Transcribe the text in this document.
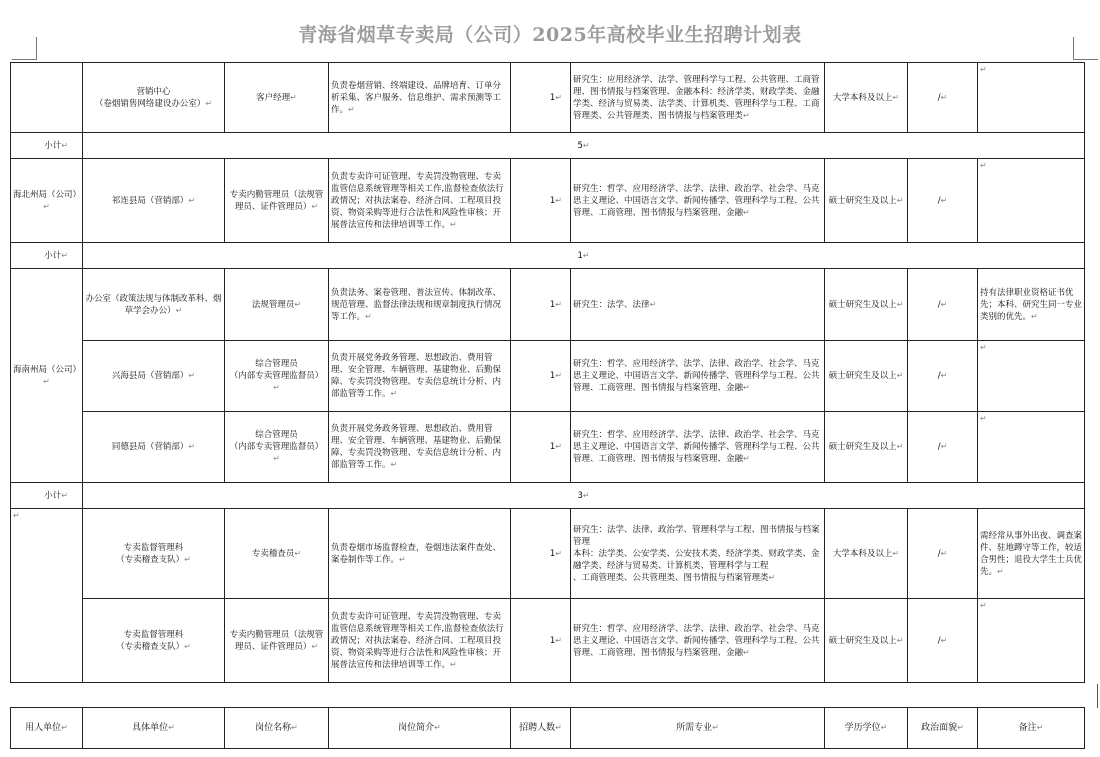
青海省烟草专卖局（公司）2025年高校毕业生招聘计划表
	营销中心
（卷烟销售网络建设办公室）↵	客户经理↵	负责卷烟营销、终端建设、品牌培育、订单分析采集、客户服务、信息维护、需求预测等工作。↵	1↵	研究生：应用经济学、法学、管理科学与工程、公共管理、工商管理、图书情报与档案管理、金融本科：经济学类、财政学类、金融学类、经济与贸易类、法学类、计算机类、管理科学与工程、工商管理类、公共管理类、图书情报与档案管理类↵	大学本科及以上↵	/↵	↵
小计↵	5↵							
海北州局（公司）↵	祁连县局（营销部）↵	专卖内勤管理员（法规管理员、证件管理员）↵	负责专卖许可证管理、专卖罚没物管理、专卖监管信息系统管理等相关工作,监督检查依法行政情况；对执法案卷、经济合同、工程项目投资、物资采购等进行合法性和风险性审核；开展普法宣传和法律培训等工作。↵	1↵	研究生：哲学、应用经济学、法学、法律、政治学、社会学、马克思主义理论、中国语言文学、新闻传播学、管理科学与工程、公共管理、工商管理、图书情报与档案管理、金融↵	硕士研究生及以上↵	/↵	↵
小计↵	1↵							
海南州局（公司）↵	办公室（政策法规与体制改革科、烟草学会办公）↵	法规管理员↵	负责法务、案卷管理、普法宣传、体制改革、规范管理、监督法律法规和规章制度执行情况等工作。↵	1↵	研究生：法学、法律↵	硕士研究生及以上↵	/↵	持有法律职业资格证书优先；本科、研究生同一专业类别的优先。↵
	兴海县局（营销部）↵	综合管理员
（内部专卖管理监督员）↵	负责开展党务政务管理、思想政治、费用管理、安全管理、车辆管理、基建物业、后勤保障、专卖罚没物管理、专卖信息统计分析、内部监管等工作。↵	1↵	研究生：哲学、应用经济学、法学、法律、政治学、社会学、马克思主义理论、中国语言文学、新闻传播学、管理科学与工程、公共管理、工商管理、图书情报与档案管理、金融↵	硕士研究生及以上↵	/↵	↵
	同德县局（营销部）↵	综合管理员
（内部专卖管理监督员）↵	负责开展党务政务管理、思想政治、费用管理、安全管理、车辆管理、基建物业、后勤保障、专卖罚没物管理、专卖信息统计分析、内部监管等工作。↵	1↵	研究生：哲学、应用经济学、法学、法律、政治学、社会学、马克思主义理论、中国语言文学、新闻传播学、管理科学与工程、公共管理、工商管理、图书情报与档案管理、金融↵	硕士研究生及以上↵	/↵	↵
小计↵	3↵							
↵	专卖监督管理科
（专卖稽查支队）↵	专卖稽查员↵	负责卷烟市场监督检查，卷烟违法案件查处、案卷制作等工作。↵	1↵	研究生：法学、法律、政治学、管理科学与工程、图书情报与档案管理
本科：法学类、公安学类、公安技术类、经济学类、财政学类、金融学类、经济与贸易类、计算机类、管理科学与工程
、工商管理类、公共管理类、图书情报与档案管理类↵	大学本科及以上↵	/↵	需经常从事外出夜、调查案件、驻地蹲守等工作，较适合男性；退役大学生士兵优先。↵
	专卖监督管理科
（专卖稽查支队）↵	专卖内勤管理员（法规管理员、证件管理员）↵	负责专卖许可证管理、专卖罚没物管理、专卖监管信息系统管理等相关工作,监督检查依法行政情况；对执法案卷、经济合同、工程项目投资、物资采购等进行合法性和风险性审核；开展普法宣传和法律培训等工作。↵	1↵	研究生：哲学、应用经济学、法学、法律、政治学、社会学、马克思主义理论、中国语言文学、新闻传播学、管理科学与工程、公共管理、工商管理、图书情报与档案管理、金融↵	硕士研究生及以上↵	/↵	↵
用人单位↵	具体单位↵	岗位名称↵	岗位简介↵	招聘人数↵	所需专业↵	学历学位↵	政治面貌↵	备注↵
